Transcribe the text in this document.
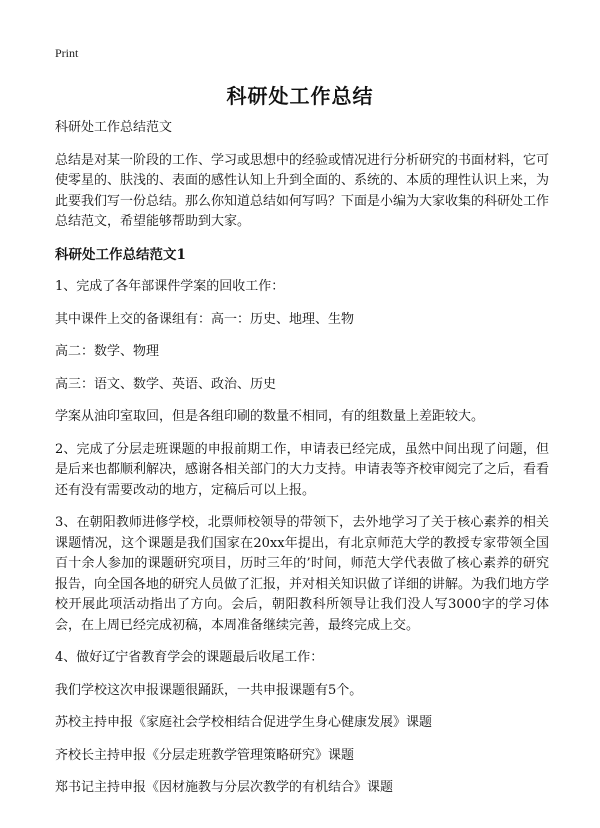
Print
科研处工作总结

科研处工作总结范文

总结是对某一阶段的工作、学习或思想中的经验或情况进行分析研究的书面材料，它可使零星的、肤浅的、表面的感性认知上升到全面的、系统的、本质的理性认识上来，为此要我们写一份总结。那么你知道总结如何写吗？下面是小编为大家收集的科研处工作总结范文，希望能够帮助到大家。

科研处工作总结范文1

1、完成了各年部课件学案的回收工作：

其中课件上交的备课组有：高一：历史、地理、生物

高二：数学、物理

高三：语文、数学、英语、政治、历史

学案从油印室取回，但是各组印刷的数量不相同，有的组数量上差距较大。

2、完成了分层走班课题的申报前期工作，申请表已经完成，虽然中间出现了问题，但是后来也都顺利解决，感谢各相关部门的大力支持。申请表等齐校审阅完了之后，看看还有没有需要改动的地方，定稿后可以上报。

3、在朝阳教师进修学校，北票师校领导的带领下，去外地学习了关于核心素养的相关课题情况，这个课题是我们国家在20xx年提出，有北京师范大学的教授专家带领全国百十余人参加的课题研究项目，历时三年的’时间，师范大学代表做了核心素养的研究报告，向全国各地的研究人员做了汇报，并对相关知识做了详细的讲解。为我们地方学校开展此项活动指出了方向。会后，朝阳教科所领导让我们没人写3000字的学习体会，在上周已经完成初稿，本周准备继续完善，最终完成上交。

4、做好辽宁省教育学会的课题最后收尾工作：

我们学校这次申报课题很踊跃，一共申报课题有5个。

苏校主持申报《家庭社会学校相结合促进学生身心健康发展》课题

齐校长主持申报《分层走班教学管理策略研究》课题

郑书记主持申报《因材施教与分层次教学的有机结合》课题
